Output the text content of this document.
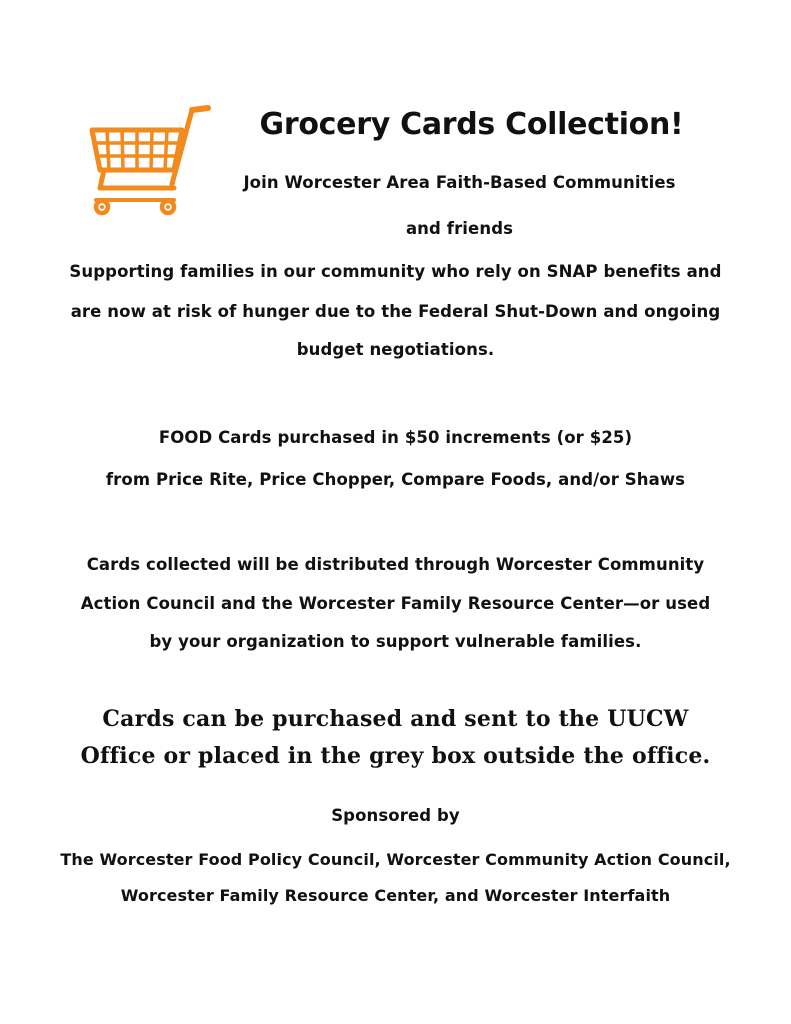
Grocery Cards Collection!
Join Worcester Area Faith-Based Communities
and friends
Supporting families in our community who rely on SNAP benefits and
are now at risk of hunger due to the Federal Shut-Down and ongoing
budget negotiations.
FOOD Cards purchased in $50 increments (or $25)
from Price Rite, Price Chopper, Compare Foods, and/or Shaws
Cards collected will be distributed through Worcester Community
Action Council and the Worcester Family Resource Center—or used
by your organization to support vulnerable families.
Cards can be purchased and sent to the UUCW
Office or placed in the grey box outside the office.
Sponsored by
The Worcester Food Policy Council, Worcester Community Action Council,
Worcester Family Resource Center, and Worcester Interfaith
